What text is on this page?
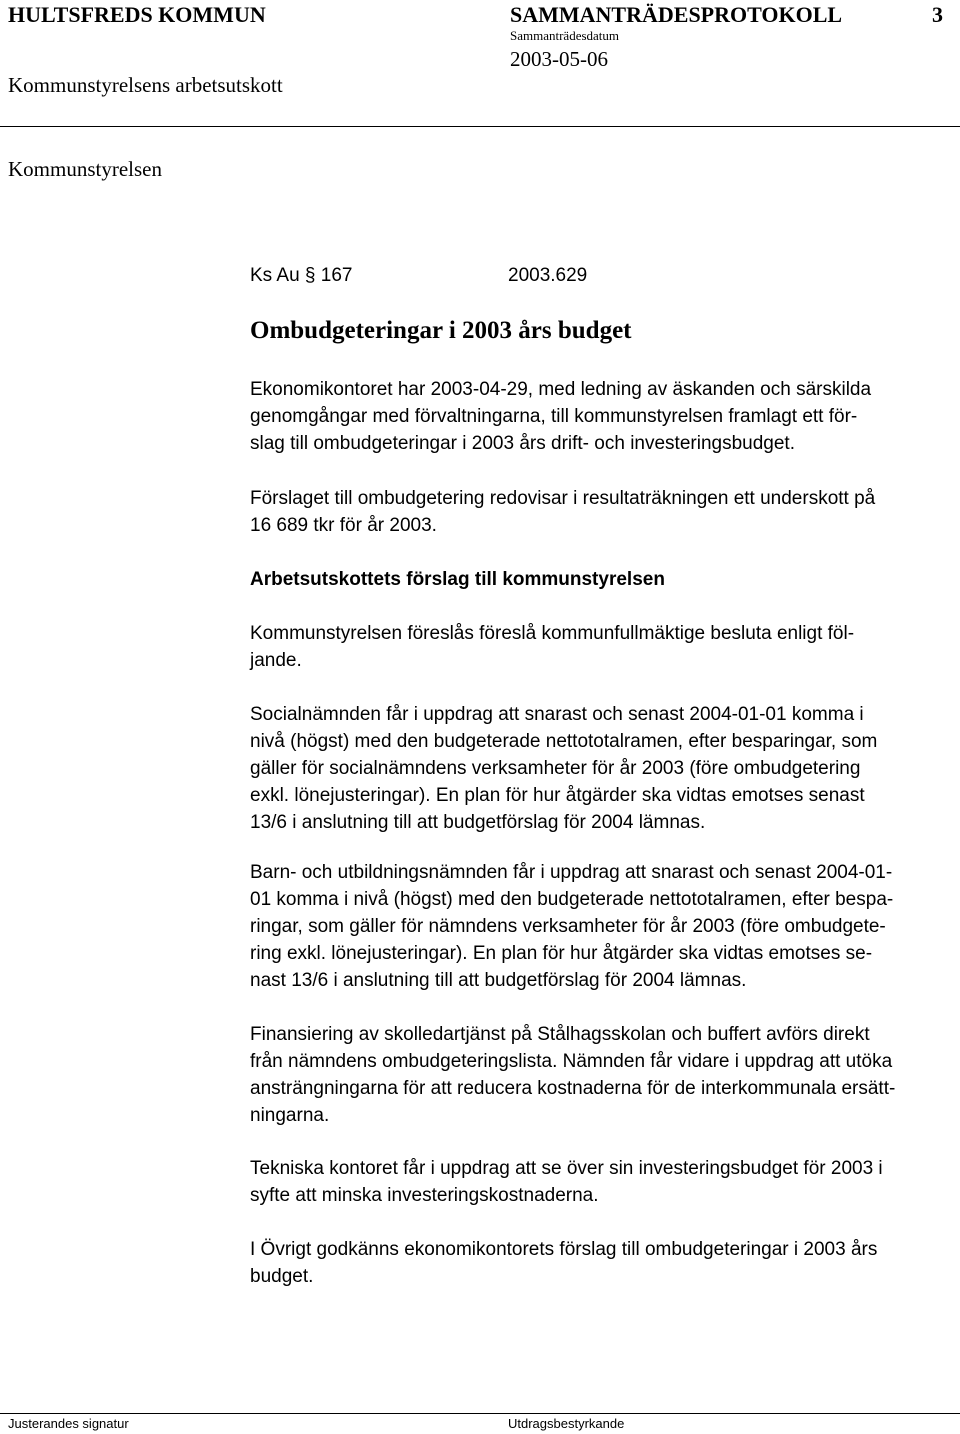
HULTSFREDS KOMMUN	SAMMANTRÄDESPROTOKOLL	3
Sammanträdesdatum
2003-05-06
Kommunstyrelsens arbetsutskott
Kommunstyrelsen
Ks Au § 167	2003.629
Ombudgeteringar i 2003 års budget
Ekonomikontoret har 2003-04-29, med ledning av äskanden och särskilda
genomgångar med förvaltningarna, till kommunstyrelsen framlagt ett för-
slag till ombudgeteringar i 2003 års drift- och investeringsbudget.
Förslaget till ombudgetering redovisar i resultaträkningen ett underskott på
16 689 tkr för år 2003.
Arbetsutskottets förslag till kommunstyrelsen
Kommunstyrelsen föreslås föreslå kommunfullmäktige besluta enligt föl-
jande.
Socialnämnden får i uppdrag att snarast och senast 2004-01-01 komma i
nivå (högst) med den budgeterade nettototalramen, efter besparingar, som
gäller för socialnämndens verksamheter för år 2003 (före ombudgetering
exkl. lönejusteringar). En plan för hur åtgärder ska vidtas emotses senast
13/6 i anslutning till att budgetförslag för 2004 lämnas.
Barn- och utbildningsnämnden får i uppdrag att snarast och senast 2004-01-
01 komma i nivå (högst) med den budgeterade nettototalramen, efter bespa-
ringar, som gäller för nämndens verksamheter för år 2003 (före ombudgete-
ring exkl. lönejusteringar). En plan för hur åtgärder ska vidtas emotses se-
nast 13/6 i anslutning till att budgetförslag för 2004 lämnas.
Finansiering av skolledartjänst på Stålhagsskolan och buffert avförs direkt
från nämndens ombudgeteringslista. Nämnden får vidare i uppdrag att utöka
ansträngningarna för att reducera kostnaderna för de interkommunala ersätt-
ningarna.
Tekniska kontoret får i uppdrag att se över sin investeringsbudget för 2003 i
syfte att minska investeringskostnaderna.
I Övrigt godkänns ekonomikontorets förslag till ombudgeteringar i 2003 års
budget.
Justerandes signatur	Utdragsbestyrkande
